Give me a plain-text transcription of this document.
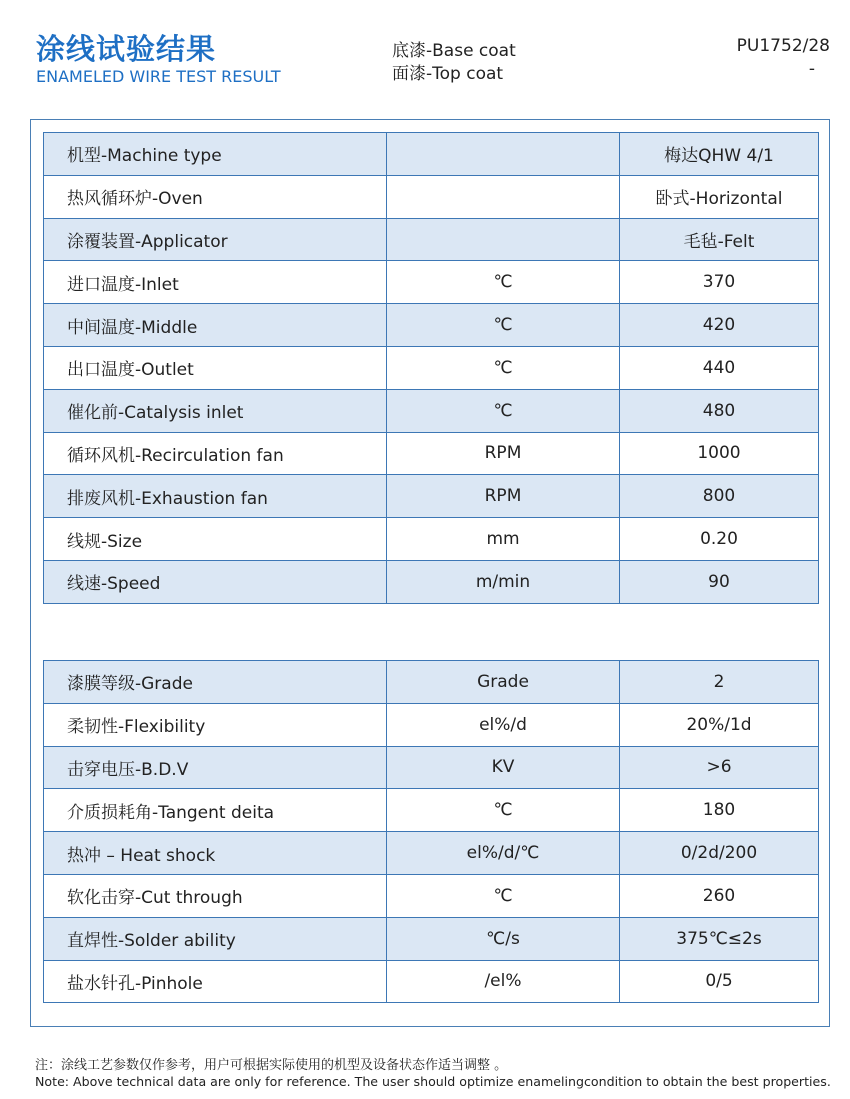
涂线试验结果
ENAMELED WIRE TEST RESULT
底漆-Base coat
面漆-Top coat
PU1752/28
-
机型-Machine type		梅达QHW 4/1
热风循环炉-Oven		卧式-Horizontal
涂覆装置-Applicator		毛毡-Felt
进口温度-Inlet	℃	370
中间温度-Middle	℃	420
出口温度-Outlet	℃	440
催化前-Catalysis inlet	℃	480
循环风机-Recirculation fan	RPM	1000
排废风机-Exhaustion fan	RPM	800
线规-Size	mm	0.20
线速-Speed	m/min	90
漆膜等级-Grade	Grade	2
柔韧性-Flexibility	el%/d	20%/1d
击穿电压-B.D.V	KV	>6
介质损耗角-Tangent deita	℃	180
热冲 – Heat shock	el%/d/℃	0/2d/200
软化击穿-Cut through	℃	260
直焊性-Solder ability	℃/s	375℃≤2s
盐水针孔-Pinhole	/el%	0/5
注：涂线工艺参数仅作参考，用户可根据实际使用的机型及设备状态作适当调整 。
Note: Above technical data are only for reference. The user should optimize enamelingcondition to obtain the best properties.
